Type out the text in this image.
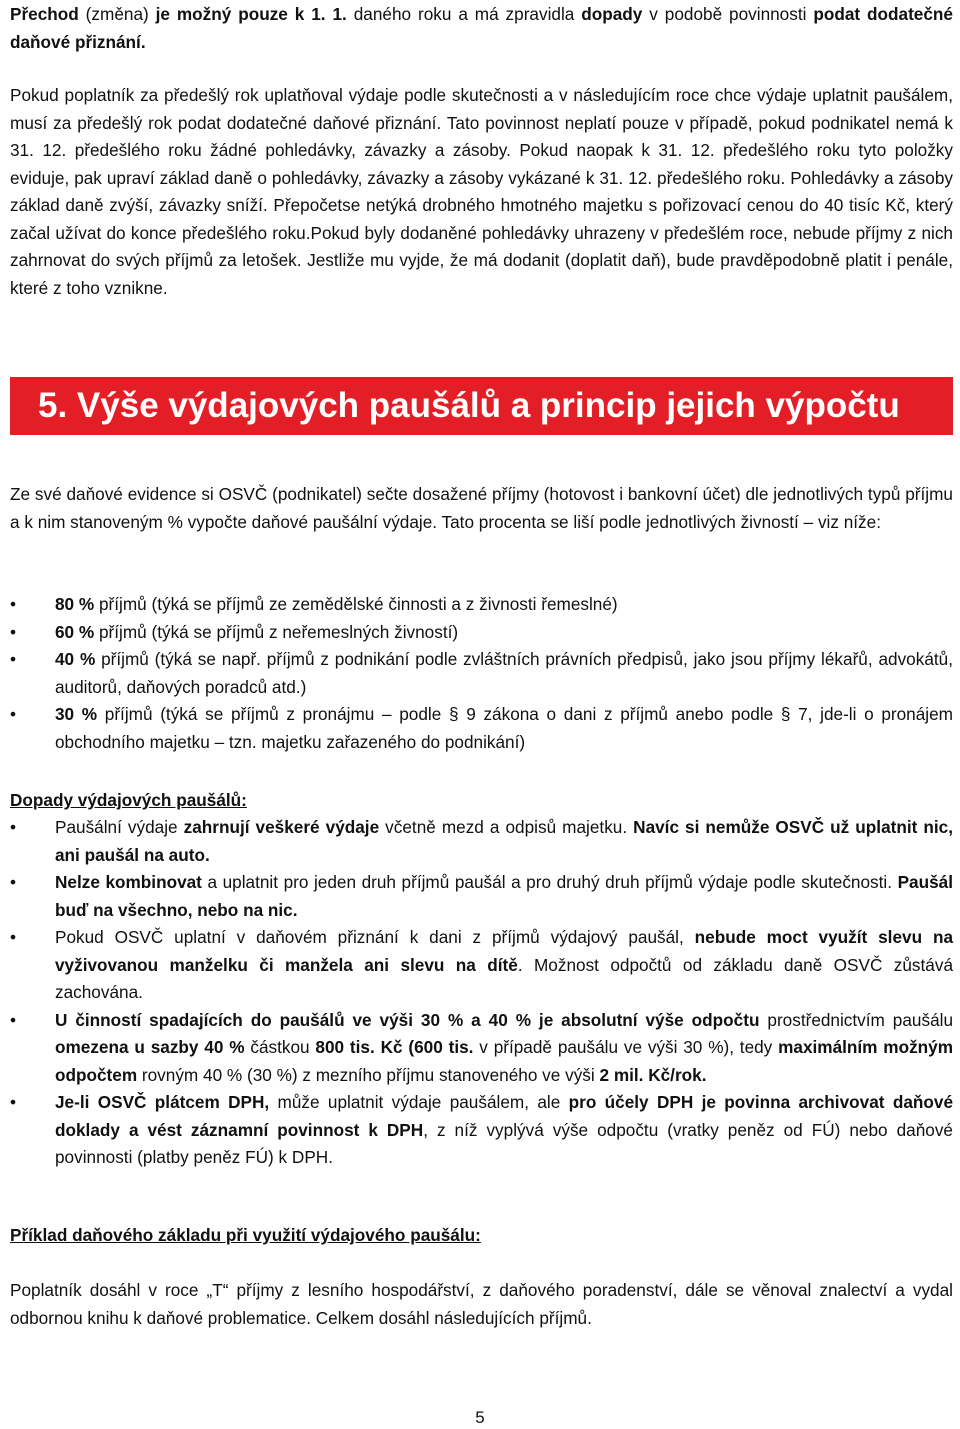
Přechod (změna) je možný pouze k 1. 1. daného roku a má zpravidla dopady v podobě povinnosti podat dodatečné daňové přiznání.

Pokud poplatník za předešlý rok uplatňoval výdaje podle skutečnosti a v následujícím roce chce výdaje uplatnit paušálem, musí za předešlý rok podat dodatečné daňové přiznání. Tato povinnost neplatí pouze v případě, pokud podnikatel nemá k 31. 12. předešlého roku žádné pohledávky, závazky a zásoby. Pokud naopak k 31. 12. předešlého roku tyto položky eviduje, pak upraví základ daně o pohledávky, závazky a zásoby vykázané k 31. 12. předešlého roku. Pohledávky a zásoby základ daně zvýší, závazky sníží. Přepočetse netýká drobného hmotného majetku s pořizovací cenou do 40 tisíc Kč, který začal užívat do konce předešlého roku.Pokud byly dodaněné pohledávky uhrazeny v předešlém roce, nebude příjmy z nich zahrnovat do svých příjmů za letošek. Jestliže mu vyjde, že má dodanit (doplatit daň), bude pravděpodobně platit i penále, které z toho vznikne.

5. Výše výdajových paušálů a princip jejich výpočtu

Ze své daňové evidence si OSVČ (podnikatel) sečte dosažené příjmy (hotovost i bankovní účet) dle jednotlivých typů příjmu a k nim stanoveným % vypočte daňové paušální výdaje. Tato procenta se liší podle jednotlivých živností – viz níže:

•	80 % příjmů (týká se příjmů ze zemědělské činnosti a z živnosti řemeslné)
•	60 % příjmů (týká se příjmů z neřemeslných živností)
•	40 % příjmů (týká se např. příjmů z podnikání podle zvláštních právních předpisů, jako jsou příjmy lékařů, advokátů, auditorů, daňových poradců atd.)
•	30 % příjmů (týká se příjmů z pronájmu – podle § 9 zákona o dani z příjmů anebo podle § 7, jde-li o pronájem obchodního majetku – tzn. majetku zařazeného do podnikání)

Dopady výdajových paušálů:

•	Paušální výdaje zahrnují veškeré výdaje včetně mezd a odpisů majetku. Navíc si nemůže OSVČ už uplatnit nic, ani paušál na auto.
•	Nelze kombinovat a uplatnit pro jeden druh příjmů paušál a pro druhý druh příjmů výdaje podle skutečnosti. Paušál buď na všechno, nebo na nic.
•	Pokud OSVČ uplatní v daňovém přiznání k dani z příjmů výdajový paušál, nebude moct využít slevu na vyživovanou manželku či manžela ani slevu na dítě. Možnost odpočtů od základu daně OSVČ zůstává zachována.
•	U činností spadajících do paušálů ve výši 30 % a 40 % je absolutní výše odpočtu prostřednictvím paušálu omezena u sazby 40 % částkou 800 tis. Kč (600 tis. v případě paušálu ve výši 30 %), tedy maximálním možným odpočtem rovným 40 % (30 %) z mezního příjmu stanoveného ve výši 2 mil. Kč/rok.
•	Je-li OSVČ plátcem DPH, může uplatnit výdaje paušálem, ale pro účely DPH je povinna archivovat daňové doklady a vést záznamní povinnost k DPH, z níž vyplývá výše odpočtu (vratky peněz od FÚ) nebo daňové povinnosti (platby peněz FÚ) k DPH.

Příklad daňového základu při využití výdajového paušálu:

Poplatník dosáhl v roce „T“ příjmy z lesního hospodářství, z daňového poradenství, dále se věnoval znalectví a vydal odbornou knihu k daňové problematice. Celkem dosáhl následujících příjmů.

5
